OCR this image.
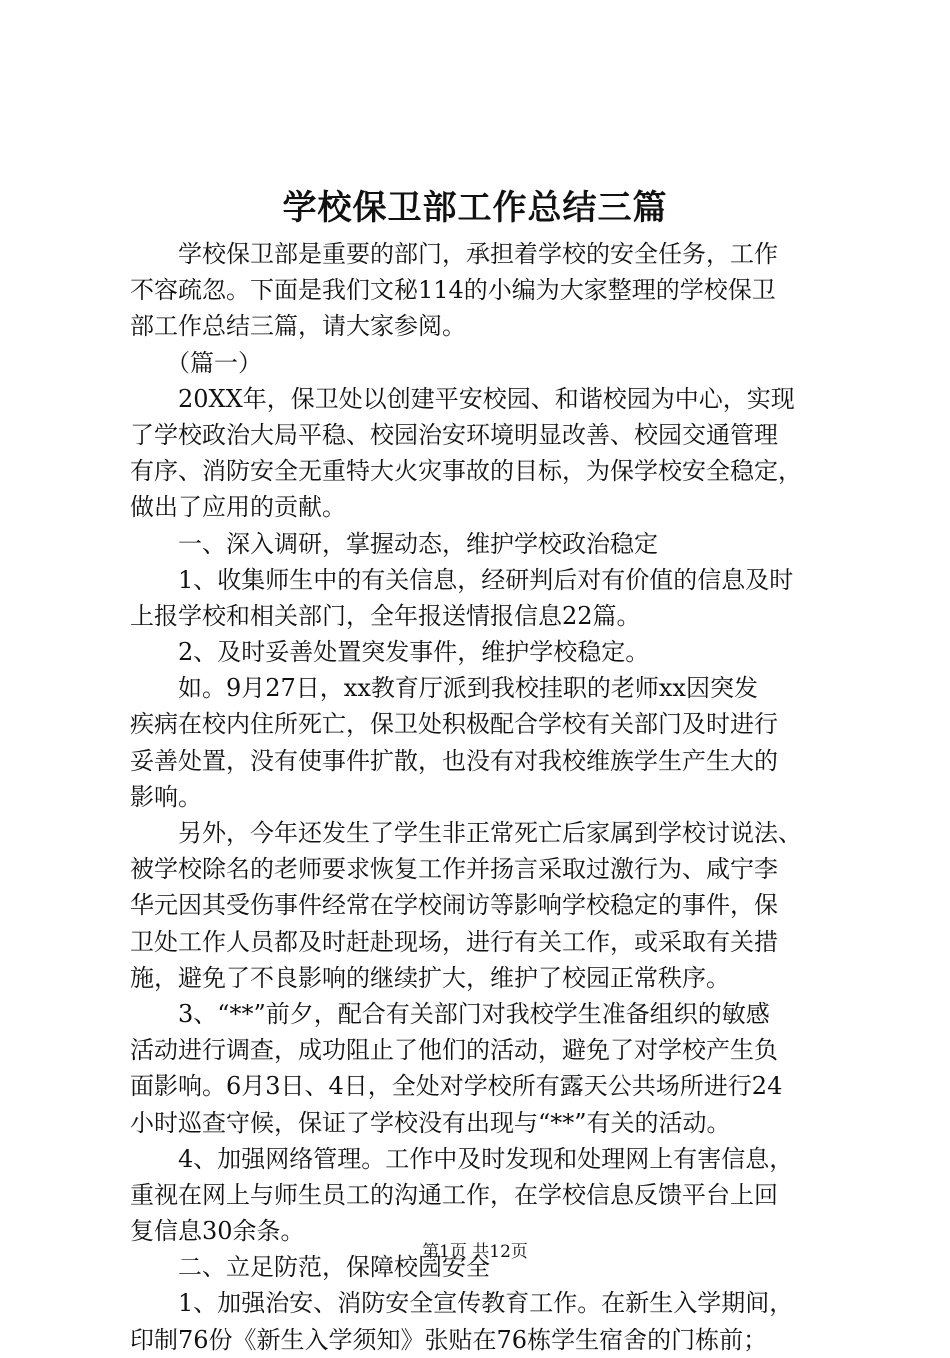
学校保卫部工作总结三篇
　　学校保卫部是重要的部门，承担着学校的安全任务，工作
不容疏忽。下面是我们文秘114的小编为大家整理的学校保卫
部工作总结三篇，请大家参阅。
　　（篇一）
　　20XX年，保卫处以创建平安校园、和谐校园为中心，实现
了学校政治大局平稳、校园治安环境明显改善、校园交通管理
有序、消防安全无重特大火灾事故的目标，为保学校安全稳定，
做出了应用的贡献。
　　一、深入调研，掌握动态，维护学校政治稳定
　　1、收集师生中的有关信息，经研判后对有价值的信息及时
上报学校和相关部门，全年报送情报信息22篇。
　　2、及时妥善处置突发事件，维护学校稳定。
　　如。9月27日，xx教育厅派到我校挂职的老师xx因突发
疾病在校内住所死亡，保卫处积极配合学校有关部门及时进行
妥善处置，没有使事件扩散，也没有对我校维族学生产生大的
影响。
　　另外，今年还发生了学生非正常死亡后家属到学校讨说法、
被学校除名的老师要求恢复工作并扬言采取过激行为、咸宁李
华元因其受伤事件经常在学校闹访等影响学校稳定的事件，保
卫处工作人员都及时赶赴现场，进行有关工作，或采取有关措
施，避免了不良影响的继续扩大，维护了校园正常秩序。
　　3、“**”前夕，配合有关部门对我校学生准备组织的敏感
活动进行调查，成功阻止了他们的活动，避免了对学校产生负
面影响。6月3日、4日，全处对学校所有露天公共场所进行24
小时巡查守候，保证了学校没有出现与“**”有关的活动。
　　4、加强网络管理。工作中及时发现和处理网上有害信息，
重视在网上与师生员工的沟通工作，在学校信息反馈平台上回
复信息30余条。
　　二、立足防范，保障校园安全
　　1、加强治安、消防安全宣传教育工作。在新生入学期间，
印制76份《新生入学须知》张贴在76栋学生宿舍的门栋前；
第1页 共12页
